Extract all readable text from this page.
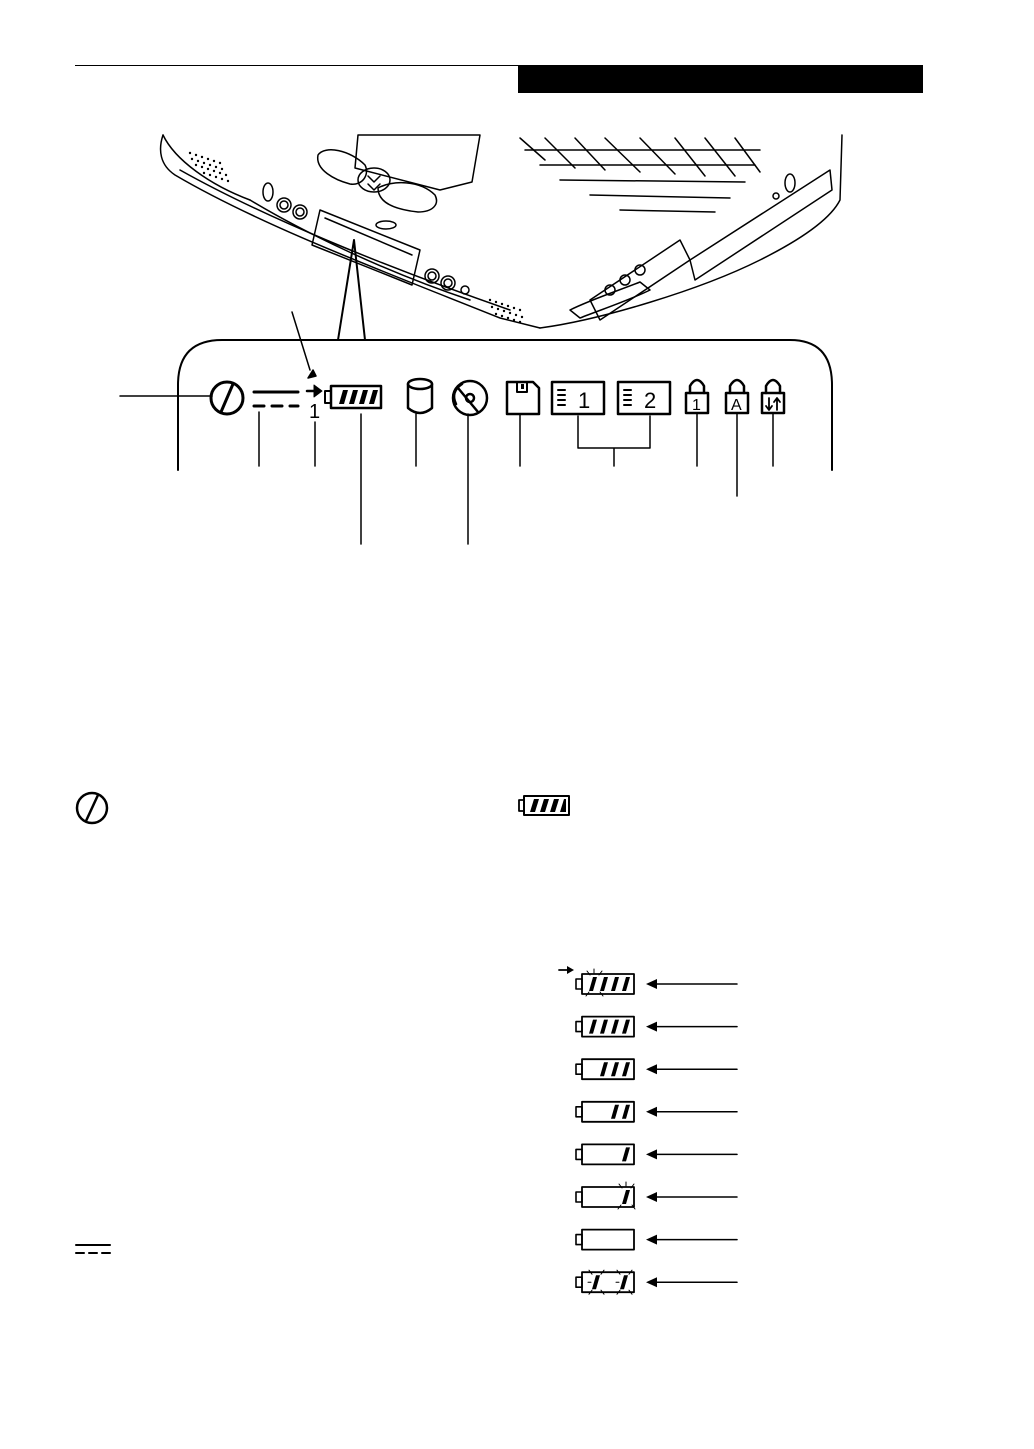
1	1 2 1 A
